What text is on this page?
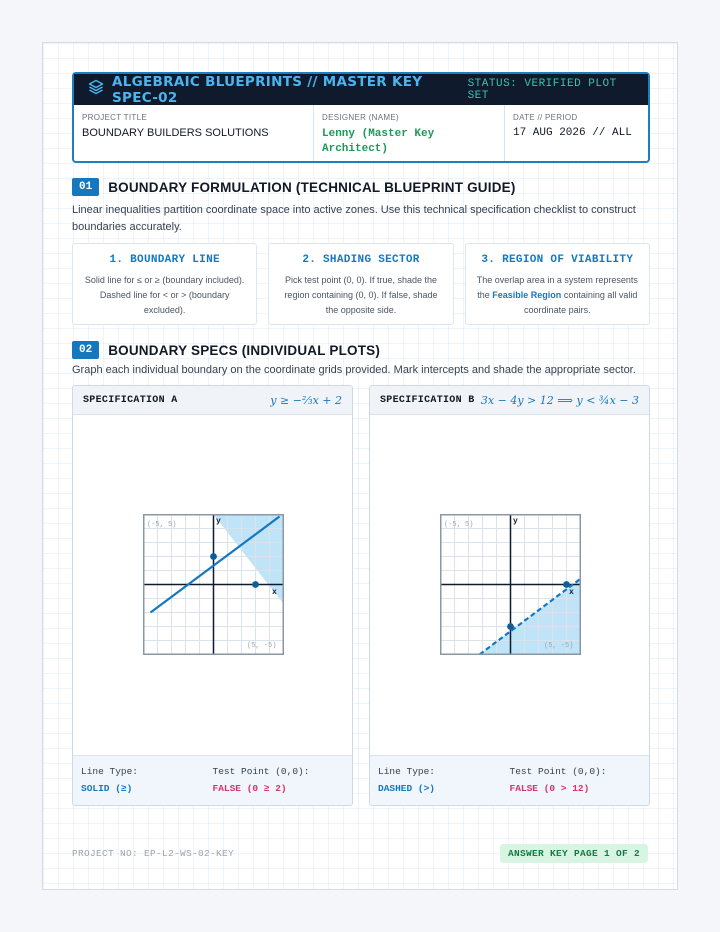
ALGEBRAIC BLUEPRINTS // MASTER KEY SPEC-02
STATUS: VERIFIED PLOT SET
PROJECT TITLE
BOUNDARY BUILDERS SOLUTIONS
DESIGNER (NAME)
Lenny (Master Key Architect)
DATE // PERIOD
17 AUG 2026 // ALL
01	BOUNDARY FORMULATION (TECHNICAL BLUEPRINT GUIDE)

Linear inequalities partition coordinate space into active zones. Use this technical specification checklist to construct boundaries accurately.

1. BOUNDARY LINE
Solid line for ≤ or ≥ (boundary included). Dashed line for < or > (boundary excluded).
2. SHADING SECTOR
Pick test point (0, 0). If true, shade the region containing (0, 0). If false, shade the opposite side.
3. REGION OF VIABILITY
The overlap area in a system represents the Feasible Region containing all valid coordinate pairs.
02	BOUNDARY SPECS (INDIVIDUAL PLOTS)

Graph each individual boundary on the coordinate grids provided. Mark intercepts and shade the appropriate sector.

SPECIFICATION A	y ≥ −⅔x + 2
y
x
(-5, 5)
(5, -5)
Line Type:
SOLID (≥)
Test Point (0,0):
FALSE (0 ≥ 2)
SPECIFICATION B 3x − 4y > 12 ⟹ y < ¾x − 3
y
x
(-5, 5)
(5, -5)
Line Type:
DASHED (>)
Test Point (0,0):
FALSE (0 > 12)
PROJECT NO: EP-L2-WS-02-KEY	ANSWER KEY PAGE 1 OF 2
